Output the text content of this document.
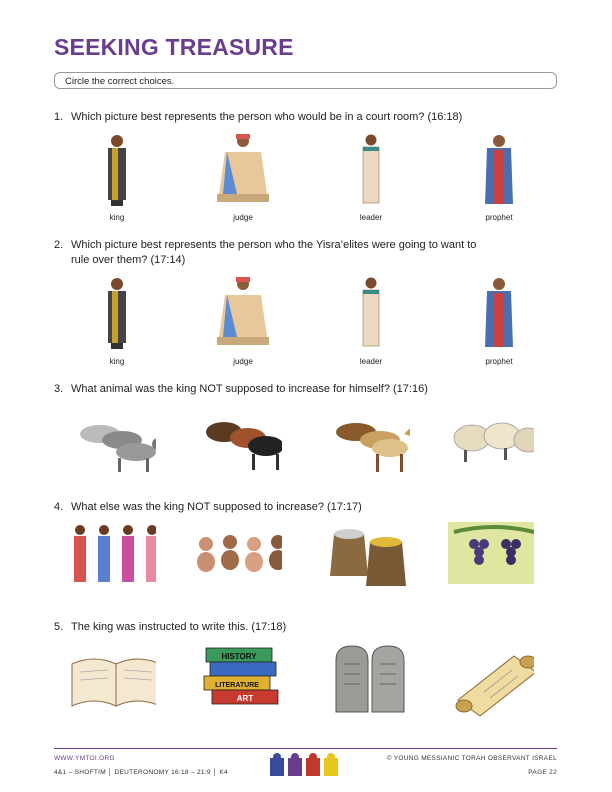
SEEKING TREASURE
Circle the correct choices.
1. Which picture best represents the person who would be in a court room? (16:18)
king	judge	leader	prophet
2. Which picture best represents the person who the Yisra’elites were going to want to
rule over them? (17:14)
king	judge	leader	prophet
3. What animal was the king NOT supposed to increase for himself? (17:16)
4. What else was the king NOT supposed to increase? (17:17)
5. The king was instructed to write this. (17:18)
HISTORY
LITERATURE
ART
WWW.YMTOI.ORG
4&1 – SHOFTIM │ DEUTERONOMY 16:18 – 21:9 │ K4
© YOUNG MESSIANIC TORAH OBSERVANT ISRAEL
PAGE 22
